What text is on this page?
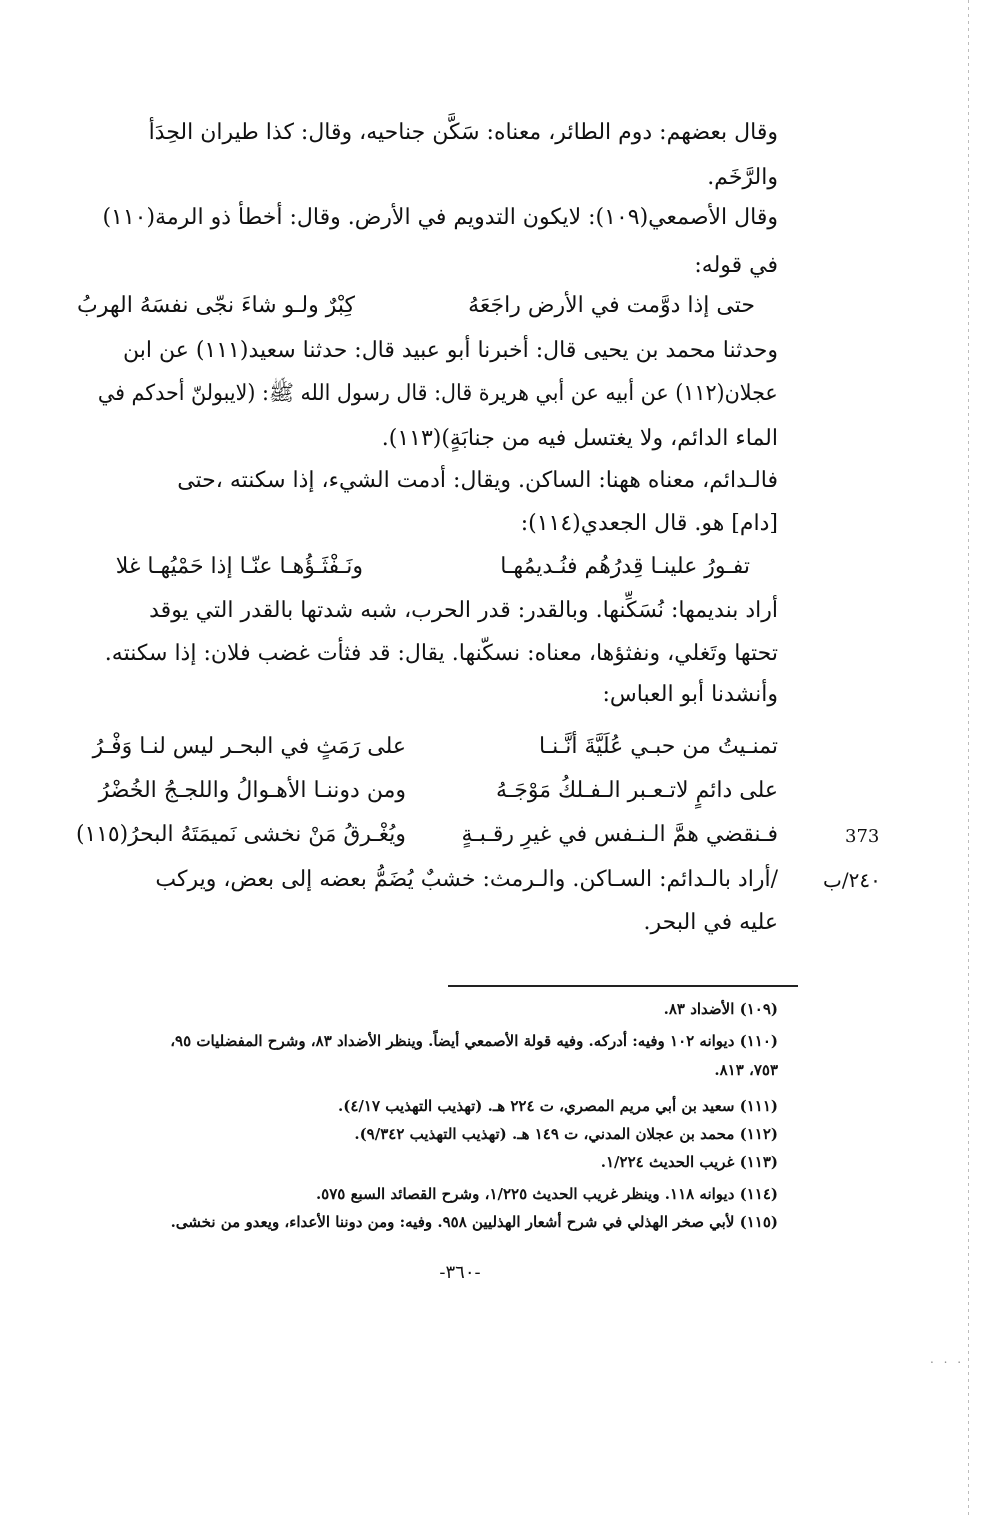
. . .
وقال بعضهم: دوم الطائر، معناه: سَكَّن جناحيه، وقال: كذا طيران الحِدَأ
والرَّخَم.
وقال الأصمعي(١٠٩): لايكون التدويم في الأرض. وقال: أخطأ ذو الرمة(١١٠)
في قوله:
حتى إذا دوَّمت في الأرض راجَعَهُ
كِبْرٌ ولـو شاءَ نجّى نفسَهُ الهربُ
وحدثنا محمد بن يحيى قال: أخبرنا أبو عبيد قال: حدثنا سعيد(١١١) عن ابن
عجلان(١١٢) عن أبيه عن أبي هريرة قال: قال رسول الله ﷺ: (لايبولنّ أحدكم في
الماء الدائم، ولا يغتسل فيه من جنابَةٍ)(١١٣).
فالـدائم، معناه ههنا: الساكن. ويقال: أدمت الشيء، إذا سكنته ،حتى
[دام] هو. قال الجعدي(١١٤):
تفـورُ علينـا قِدرُهُم فنُـديمُهـا
ونَـفْثَـؤُهـا عنّـا إذا حَمْيُهـا غلا
أراد بنديمها: نُسَكِّنها. وبالقدر: قدر الحرب، شبه شدتها بالقدر التي يوقد
تحتها وتَغلي، ونفثؤها، معناه: نسكّنها. يقال: قد فثأت غضب فلان: إذا سكنته.
وأنشدنا أبو العباس:
تمنـيتُ من حبـي عُلَيَّةَ أنَّـنـا
على رَمَثٍ في البحـر ليس لنـا وَفْـرُ
على دائمٍ لاتـعـبر الـفـلكُ مَوْجَـهُ
ومن دوننـا الأهـوالُ واللجـجُ الخُضْرُ
فـنقضي همَّ الـنـفس في غيرِ رقـبـةٍ
ويُغْـرقُ مَنْ نخشى نَميمَتَهُ البحرُ(١١٥)	373
٢٤٠/ب
/أراد بالـدائم: السـاكن. والـرمث: خشبٌ يُضَمُّ بعضه إلى بعض، ويركب
عليه في البحر.
(١٠٩) الأضداد ٨٣.
(١١٠) ديوانه ١٠٢ وفيه: أدركه. وفيه قولة الأصمعي أيضاً. وينظر الأضداد ٨٣، وشرح المفضليات ٩٥،
٧٥٣، ٨١٣.
(١١١) سعيد بن أبي مريم المصري، ت ٢٢٤ هـ. (تهذيب التهذيب ٤/١٧).
(١١٢) محمد بن عجلان المدني، ت ١٤٩ هـ. (تهذيب التهذيب ٩/٣٤٢).
(١١٣) غريب الحديث ١/٢٢٤.
(١١٤) ديوانه ١١٨. وينظر غريب الحديث ١/٢٢٥، وشرح القصائد السبع ٥٧٥.
(١١٥) لأبي صخر الهذلي في شرح أشعار الهذليين ٩٥٨. وفيه: ومن دوننا الأعداء، ويعدو من نخشى.
-٣٦٠-
